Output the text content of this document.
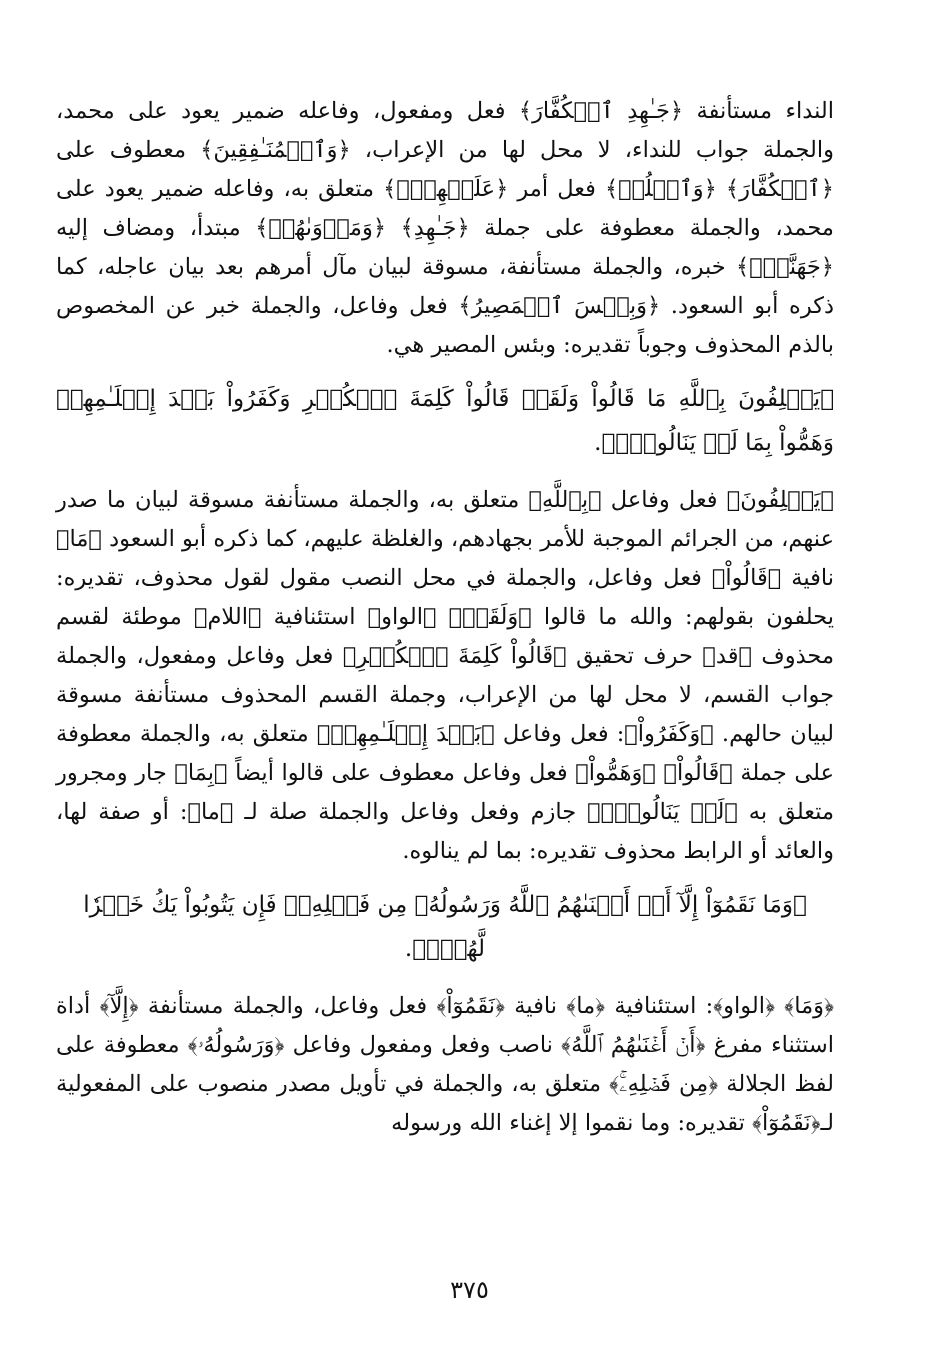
النداء مستأنفة ﴿جَـٰهِدِ ٱلۡكُفَّارَ﴾ فعل ومفعول، وفاعله ضمير يعود على محمد، والجملة جواب للنداء، لا محل لها من الإعراب، ﴿وَٱلۡمُنَـٰفِقِينَ﴾ معطوف على ﴿ٱلۡكُفَّارَ﴾ ﴿وَٱغۡلُظۡ﴾ فعل أمر ﴿عَلَيۡهِمۡۚ﴾ متعلق به، وفاعله ضمير يعود على محمد، والجملة معطوفة على جملة ﴿جَـٰهِدِ﴾ ﴿وَمَأۡوَىٰهُمۡ﴾ مبتدأ، ومضاف إليه ﴿جَهَنَّمُۖ﴾ خبره، والجملة مستأنفة، مسوقة لبيان مآل أمرهم بعد بيان عاجله، كما ذكره أبو السعود. ﴿وَبِئۡسَ ٱلۡمَصِيرُ﴾ فعل وفاعل، والجملة خبر عن المخصوص بالذم المحذوف وجوباً تقديره: وبئس المصير هي.

﴿يَحۡلِفُونَ بِٱللَّهِ مَا قَالُواْ وَلَقَدۡ قَالُواْ كَلِمَةَ ٱلۡكُفۡرِ وَكَفَرُواْ بَعۡدَ إِسۡلَـٰمِهِمۡ وَهَمُّواْ بِمَا لَمۡ يَنَالُواْۚ﴾.

﴿يَحۡلِفُونَ﴾ فعل وفاعل ﴿بِٱللَّهِ﴾ متعلق به، والجملة مستأنفة مسوقة لبيان ما صدر عنهم، من الجرائم الموجبة للأمر بجهادهم، والغلظة عليهم، كما ذكره أبو السعود ﴿مَا﴾ نافية ﴿قَالُواْ﴾ فعل وفاعل، والجملة في محل النصب مقول لقول محذوف، تقديره: يحلفون بقولهم: والله ما قالوا ﴿وَلَقَدۡ﴾ ﴿الواو﴾ استئنافية ﴿اللام﴾ موطئة لقسم محذوف ﴿قد﴾ حرف تحقيق ﴿قَالُواْ كَلِمَةَ ٱلۡكُفۡرِ﴾ فعل وفاعل ومفعول، والجملة جواب القسم، لا محل لها من الإعراب، وجملة القسم المحذوف مستأنفة مسوقة لبيان حالهم. ﴿وَكَفَرُواْ﴾: فعل وفاعل ﴿بَعۡدَ إِسۡلَـٰمِهِمۡ﴾ متعلق به، والجملة معطوفة على جملة ﴿قَالُواْ﴾ ﴿وَهَمُّواْ﴾ فعل وفاعل معطوف على قالوا أيضاً ﴿بِمَا﴾ جار ومجرور متعلق به ﴿لَمۡ يَنَالُواْۚ﴾ جازم وفعل وفاعل والجملة صلة لـ ﴿ما﴾: أو صفة لها، والعائد أو الرابط محذوف تقديره: بما لم ينالوه.

﴿وَمَا نَقَمُوٓاْ إِلَّآ أَنۡ أَغۡنَىٰهُمُ ٱللَّهُ وَرَسُولُهُۥ مِن فَضۡلِهِۦۚ فَإِن يَتُوبُواْ يَكُ خَيۡرٗا لَّهُمۡۖ﴾.

﴿وَمَا﴾ ﴿الواو﴾: استئنافية ﴿ما﴾ نافية ﴿نَقَمُوٓاْ﴾ فعل وفاعل، والجملة مستأنفة ﴿إِلَّآ﴾ أداة استثناء مفرغ ﴿أَنۡ أَغۡنَىٰهُمُ ٱللَّهُ﴾ ناصب وفعل ومفعول وفاعل ﴿وَرَسُولُهُۥ﴾ معطوفة على لفظ الجلالة ﴿مِن فَضۡلِهِۦۚ﴾ متعلق به، والجملة في تأويل مصدر منصوب على المفعولية لـ﴿نَقَمُوٓاْ﴾ تقديره: وما نقموا إلا إغناء الله ورسوله

٣٧٥
